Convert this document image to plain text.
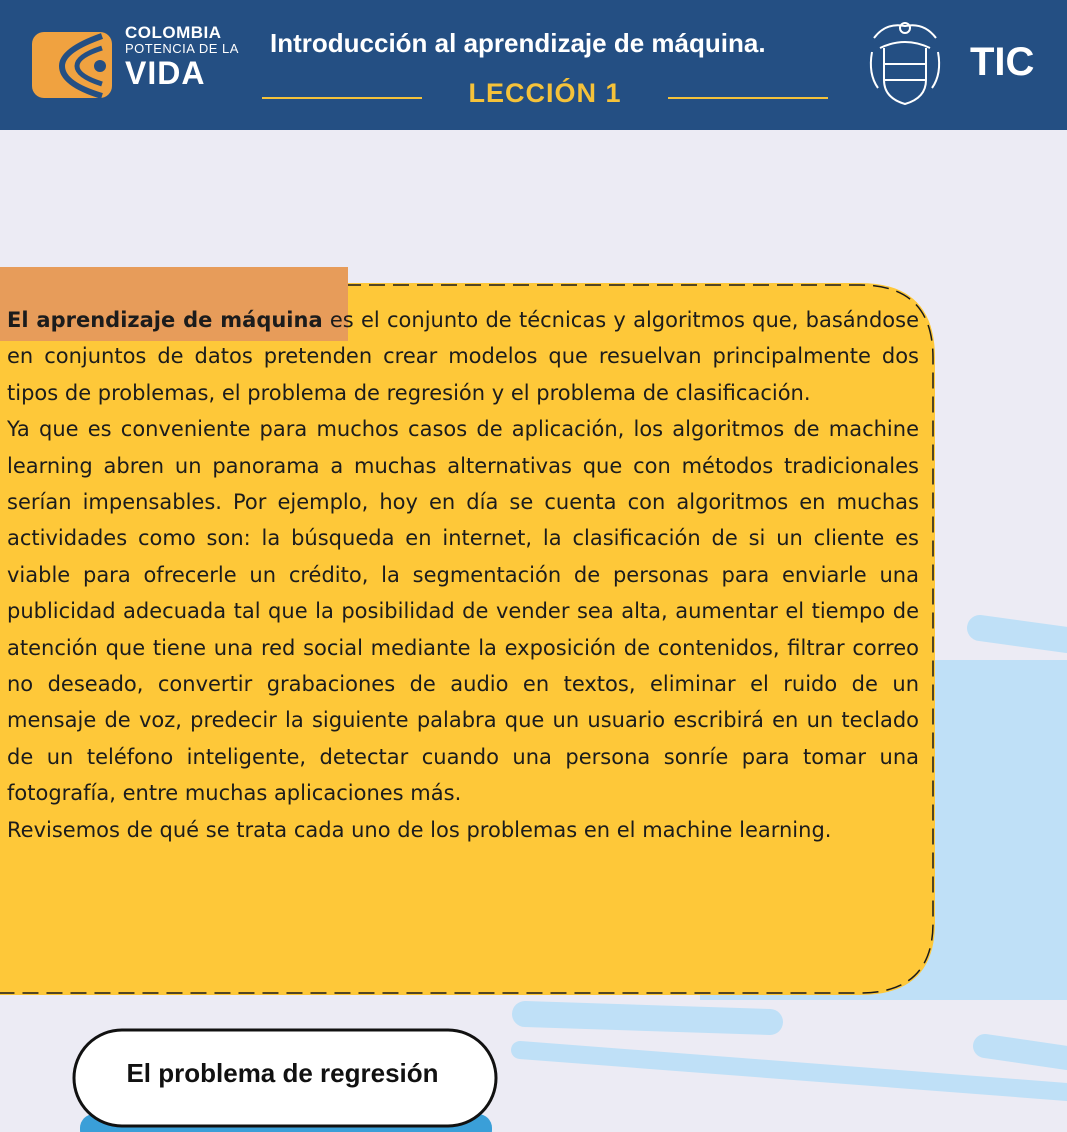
COLOMBIA
POTENCIA DE LA
VIDA
Introducción al aprendizaje de máquina.
LECCIÓN 1
TIC

El aprendizaje de máquina es el conjunto de técnicas y algoritmos que, basándose en conjuntos de datos pretenden crear modelos que resuelvan principalmente dos tipos de problemas, el problema de regresión y el problema de clasificación.

Ya que es conveniente para muchos casos de aplicación, los algoritmos de machine learning abren un panorama a muchas alternativas que con métodos tradicionales serían impensables. Por ejemplo, hoy en día se cuenta con algoritmos en muchas actividades como son: la búsqueda en internet, la clasificación de si un cliente es viable para ofrecerle un crédito, la segmentación de personas para enviarle una publicidad adecuada tal que la posibilidad de vender sea alta, aumentar el tiempo de atención que tiene una red social mediante la exposición de contenidos, filtrar correo no deseado, convertir grabaciones de audio en textos, eliminar el ruido de un mensaje de voz, predecir la siguiente palabra que un usuario escribirá en un teclado de un teléfono inteligente, detectar cuando una persona sonríe para tomar una fotografía, entre muchas aplicaciones más.

Revisemos de qué se trata cada uno de los problemas en el machine learning.

El problema de regresión
